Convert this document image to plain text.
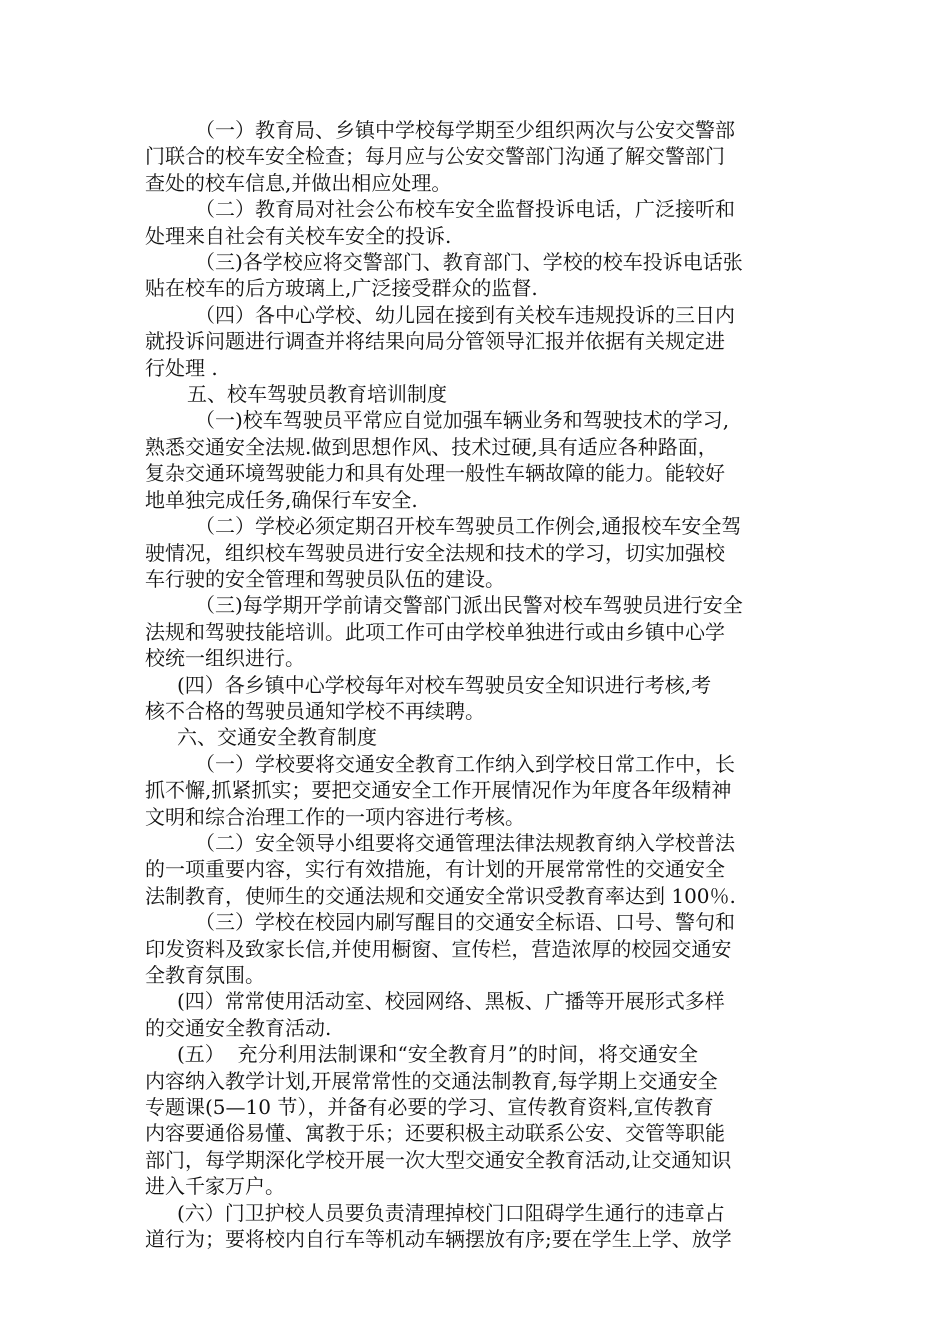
（一）教育局、乡镇中学校每学期至少组织两次与公安交警部
门联合的校车安全检查；每月应与公安交警部门沟通了解交警部门
查处的校车信息,并做出相应处理。
（二）教育局对社会公布校车安全监督投诉电话，广泛接听和
处理来自社会有关校车安全的投诉.
（三)各学校应将交警部门、教育部门、学校的校车投诉电话张
贴在校车的后方玻璃上,广泛接受群众的监督.
（四）各中心学校、幼儿园在接到有关校车违规投诉的三日内
就投诉问题进行调查并将结果向局分管领导汇报并依据有关规定进
行处理 .
五、校车驾驶员教育培训制度
（一)校车驾驶员平常应自觉加强车辆业务和驾驶技术的学习,
熟悉交通安全法规.做到思想作风、技术过硬,具有适应各种路面，
复杂交通环境驾驶能力和具有处理一般性车辆故障的能力。能较好
地单独完成任务,确保行车安全.
（二）学校必须定期召开校车驾驶员工作例会,通报校车安全驾
驶情况，组织校车驾驶员进行安全法规和技术的学习，切实加强校
车行驶的安全管理和驾驶员队伍的建设。
（三)每学期开学前请交警部门派出民警对校车驾驶员进行安全
法规和驾驶技能培训。此项工作可由学校单独进行或由乡镇中心学
校统一组织进行。
(四）各乡镇中心学校每年对校车驾驶员安全知识进行考核,考
核不合格的驾驶员通知学校不再续聘。
六、交通安全教育制度
（一）学校要将交通安全教育工作纳入到学校日常工作中，长
抓不懈,抓紧抓实；要把交通安全工作开展情况作为年度各年级精神
文明和综合治理工作的一项内容进行考核。
（二）安全领导小组要将交通管理法律法规教育纳入学校普法
的一项重要内容，实行有效措施，有计划的开展常常性的交通安全
法制教育，使师生的交通法规和交通安全常识受教育率达到 100％.
（三）学校在校园内刷写醒目的交通安全标语、口号、警句和
印发资料及致家长信,并使用橱窗、宣传栏，营造浓厚的校园交通安
全教育氛围。
(四）常常使用活动室、校园网络、黑板、广播等开展形式多样
的交通安全教育活动.
(五）  充分利用法制课和“安全教育月”的时间，将交通安全
内容纳入教学计划,开展常常性的交通法制教育,每学期上交通安全
专题课(5—10 节），并备有必要的学习、宣传教育资料,宣传教育
内容要通俗易懂、寓教于乐；还要积极主动联系公安、交管等职能
部门，每学期深化学校开展一次大型交通安全教育活动,让交通知识
进入千家万户。
(六）门卫护校人员要负责清理掉校门口阻碍学生通行的违章占
道行为；要将校内自行车等机动车辆摆放有序;要在学生上学、放学
